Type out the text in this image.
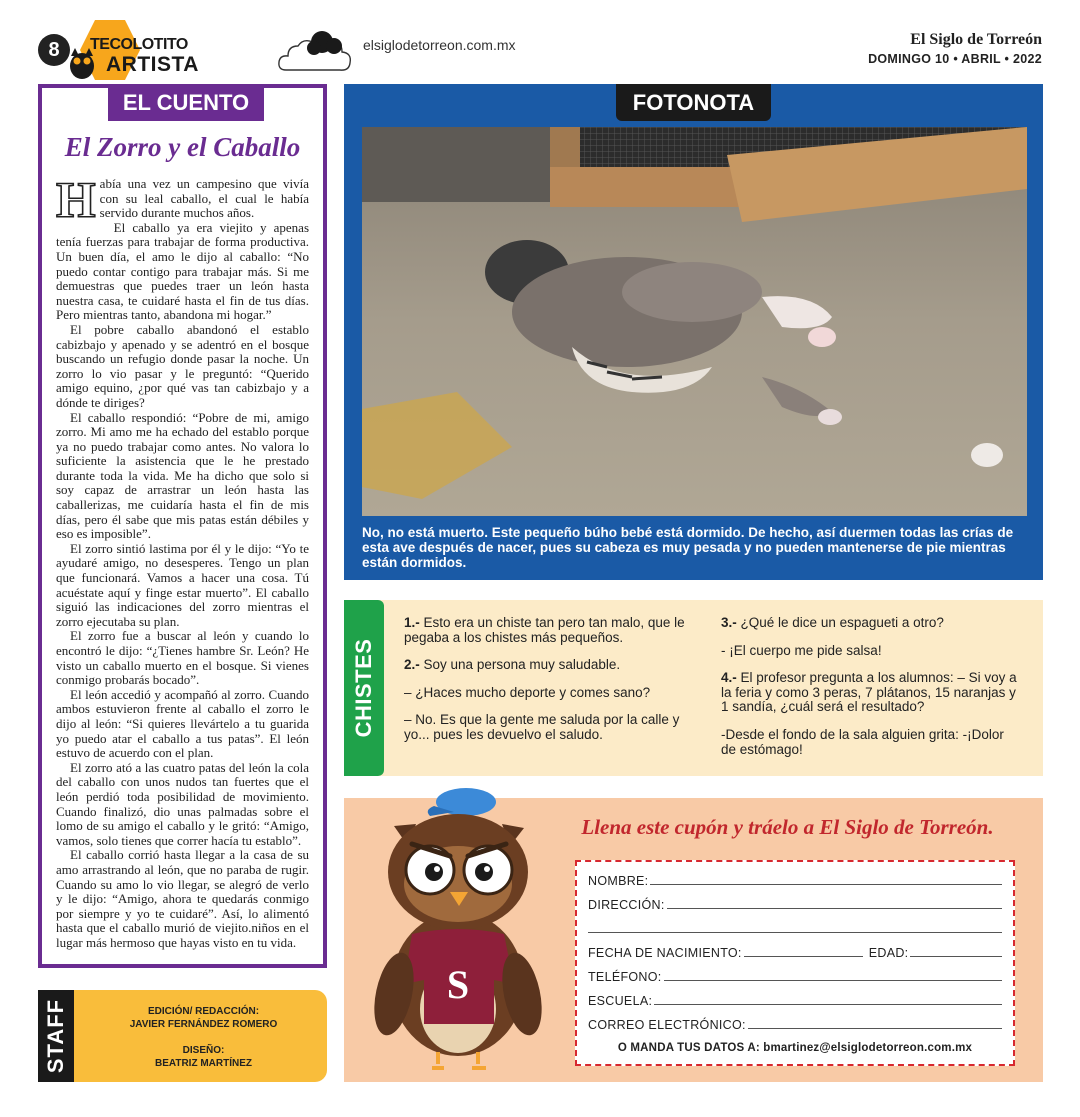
8	TECOLOTITO
ARTISTA
elsiglodetorreon.com.mx	El Siglo de Torreón
DOMINGO 10 • ABRIL • 2022
EL CUENTO
El Zorro y el Caballo

Había una vez un campesino que vivía con su leal caballo, el cual le había servido durante muchos años.

El caballo ya era viejito y apenas tenía fuerzas para trabajar de forma productiva. Un buen día, el amo le dijo al caballo: “No puedo contar contigo para trabajar más. Si me demuestras que puedes traer un león hasta nuestra casa, te cuidaré hasta el fin de tus días. Pero mientras tanto, abandona mi hogar.”

El pobre caballo abandonó el establo cabizbajo y apenado y se adentró en el bosque buscando un refugio donde pasar la noche. Un zorro lo vio pasar y le preguntó: “Querido amigo equino, ¿por qué vas tan cabizbajo y a dónde te diriges?

El caballo respondió: “Pobre de mi, amigo zorro. Mi amo me ha echado del establo porque ya no puedo trabajar como antes. No valora lo suficiente la asistencia que le he prestado durante toda la vida. Me ha dicho que solo si soy capaz de arrastrar un león hasta las caballerizas, me cuidaría hasta el fin de mis días, pero él sabe que mis patas están débiles y eso es imposible”.

El zorro sintió lastima por él y le dijo: “Yo te ayudaré amigo, no desesperes. Tengo un plan que funcionará. Vamos a hacer una cosa. Tú acuéstate aquí y finge estar muerto”. El caballo siguió las indicaciones del zorro mientras el zorro ejecutaba su plan.

El zorro fue a buscar al león y cuando lo encontró le dijo: “¿Tienes hambre Sr. León? He visto un caballo muerto en el bosque. Si vienes conmigo probarás bocado”.

El león accedió y acompañó al zorro. Cuando ambos estuvieron frente al caballo el zorro le dijo al león: “Si quieres llevártelo a tu guarida yo puedo atar el caballo a tus patas”. El león estuvo de acuerdo con el plan.

El zorro ató a las cuatro patas del león la cola del caballo con unos nudos tan fuertes que el león perdió toda posibilidad de movimiento. Cuando finalizó, dio unas palmadas sobre el lomo de su amigo el caballo y le gritó: “Amigo, vamos, solo tienes que correr hacía tu establo”.

El caballo corrió hasta llegar a la casa de su amo arrastrando al león, que no paraba de rugir. Cuando su amo lo vio llegar, se alegró de verlo y le dijo: “Amigo, ahora te quedarás conmigo por siempre y yo te cuidaré”. Así, lo alimentó hasta que el caballo murió de viejito.niños en el lugar más hermoso que hayas visto en tu vida.

STAFF	EDICIÓN/ REDACCIÓN:
JAVIER FERNÁNDEZ ROMERO
DISEÑO:
BEATRIZ MARTÍNEZ
FOTONOTA
No, no está muerto. Este pequeño búho bebé está dormido. De hecho, así duermen todas las crías de esta ave después de nacer, pues su cabeza es muy pesada y no pueden mantenerse de pie mientras están dormidos.
CHISTES

1.- Esto era un chiste tan pero tan malo, que le pegaba a los chistes más pequeños.

2.- Soy una persona muy saludable.

– ¿Haces mucho deporte y comes sano?

– No. Es que la gente me saluda por la calle y yo... pues les devuelvo el saludo.

3.- ¿Qué le dice un espagueti a otro?

- ¡El cuerpo me pide salsa!

4.- El profesor pregunta a los alumnos: – Si voy a la feria y como 3 peras, 7 plátanos, 15 naranjas y 1 sandía, ¿cuál será el resultado?

-Desde el fondo de la sala alguien grita: -¡Dolor de estómago!

S
Llena este cupón y tráelo a El Siglo de Torreón.
NOMBRE:
DIRECCIÓN:
FECHA DE NACIMIENTO:	EDAD:
TELÉFONO:
ESCUELA:
CORREO ELECTRÓNICO:
O MANDA TUS DATOS A: bmartinez@elsiglodetorreon.com.mx
